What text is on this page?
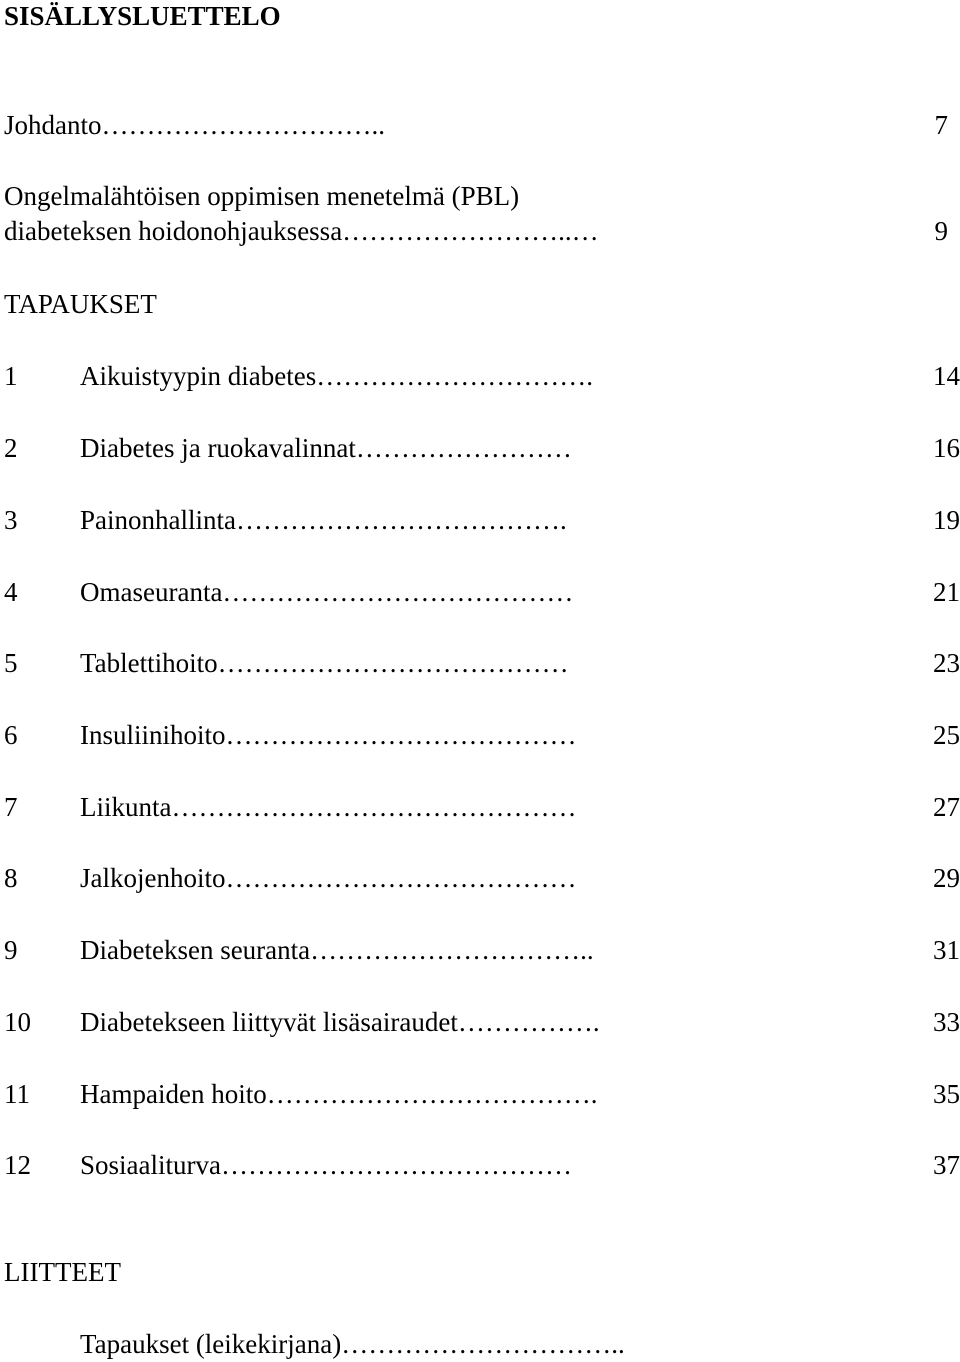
SISÄLLYSLUETTELO
Johdanto…………………………..	7
Ongelmalähtöisen oppimisen menetelmä (PBL)
diabeteksen hoidonohjauksessa……………………..…	9
TAPAUKSET
1 Aikuistyypin diabetes………………………….	14
2 Diabetes ja ruokavalinnat……………………	16
3 Painonhallinta……………………………….	19
4 Omaseuranta…………………………………	21
5 Tablettihoito…………………………………	23
6 Insuliinihoito…………………………………	25
7 Liikunta………………………………………	27
8 Jalkojenhoito…………………………………	29
9 Diabeteksen seuranta…………………………..	31
10 Diabetekseen liittyvät lisäsairaudet…………….	33
11 Hampaiden hoito……………………………….	35
12 Sosiaaliturva…………………………………	37
LIITTEET
Tapaukset (leikekirjana)…………………………..
